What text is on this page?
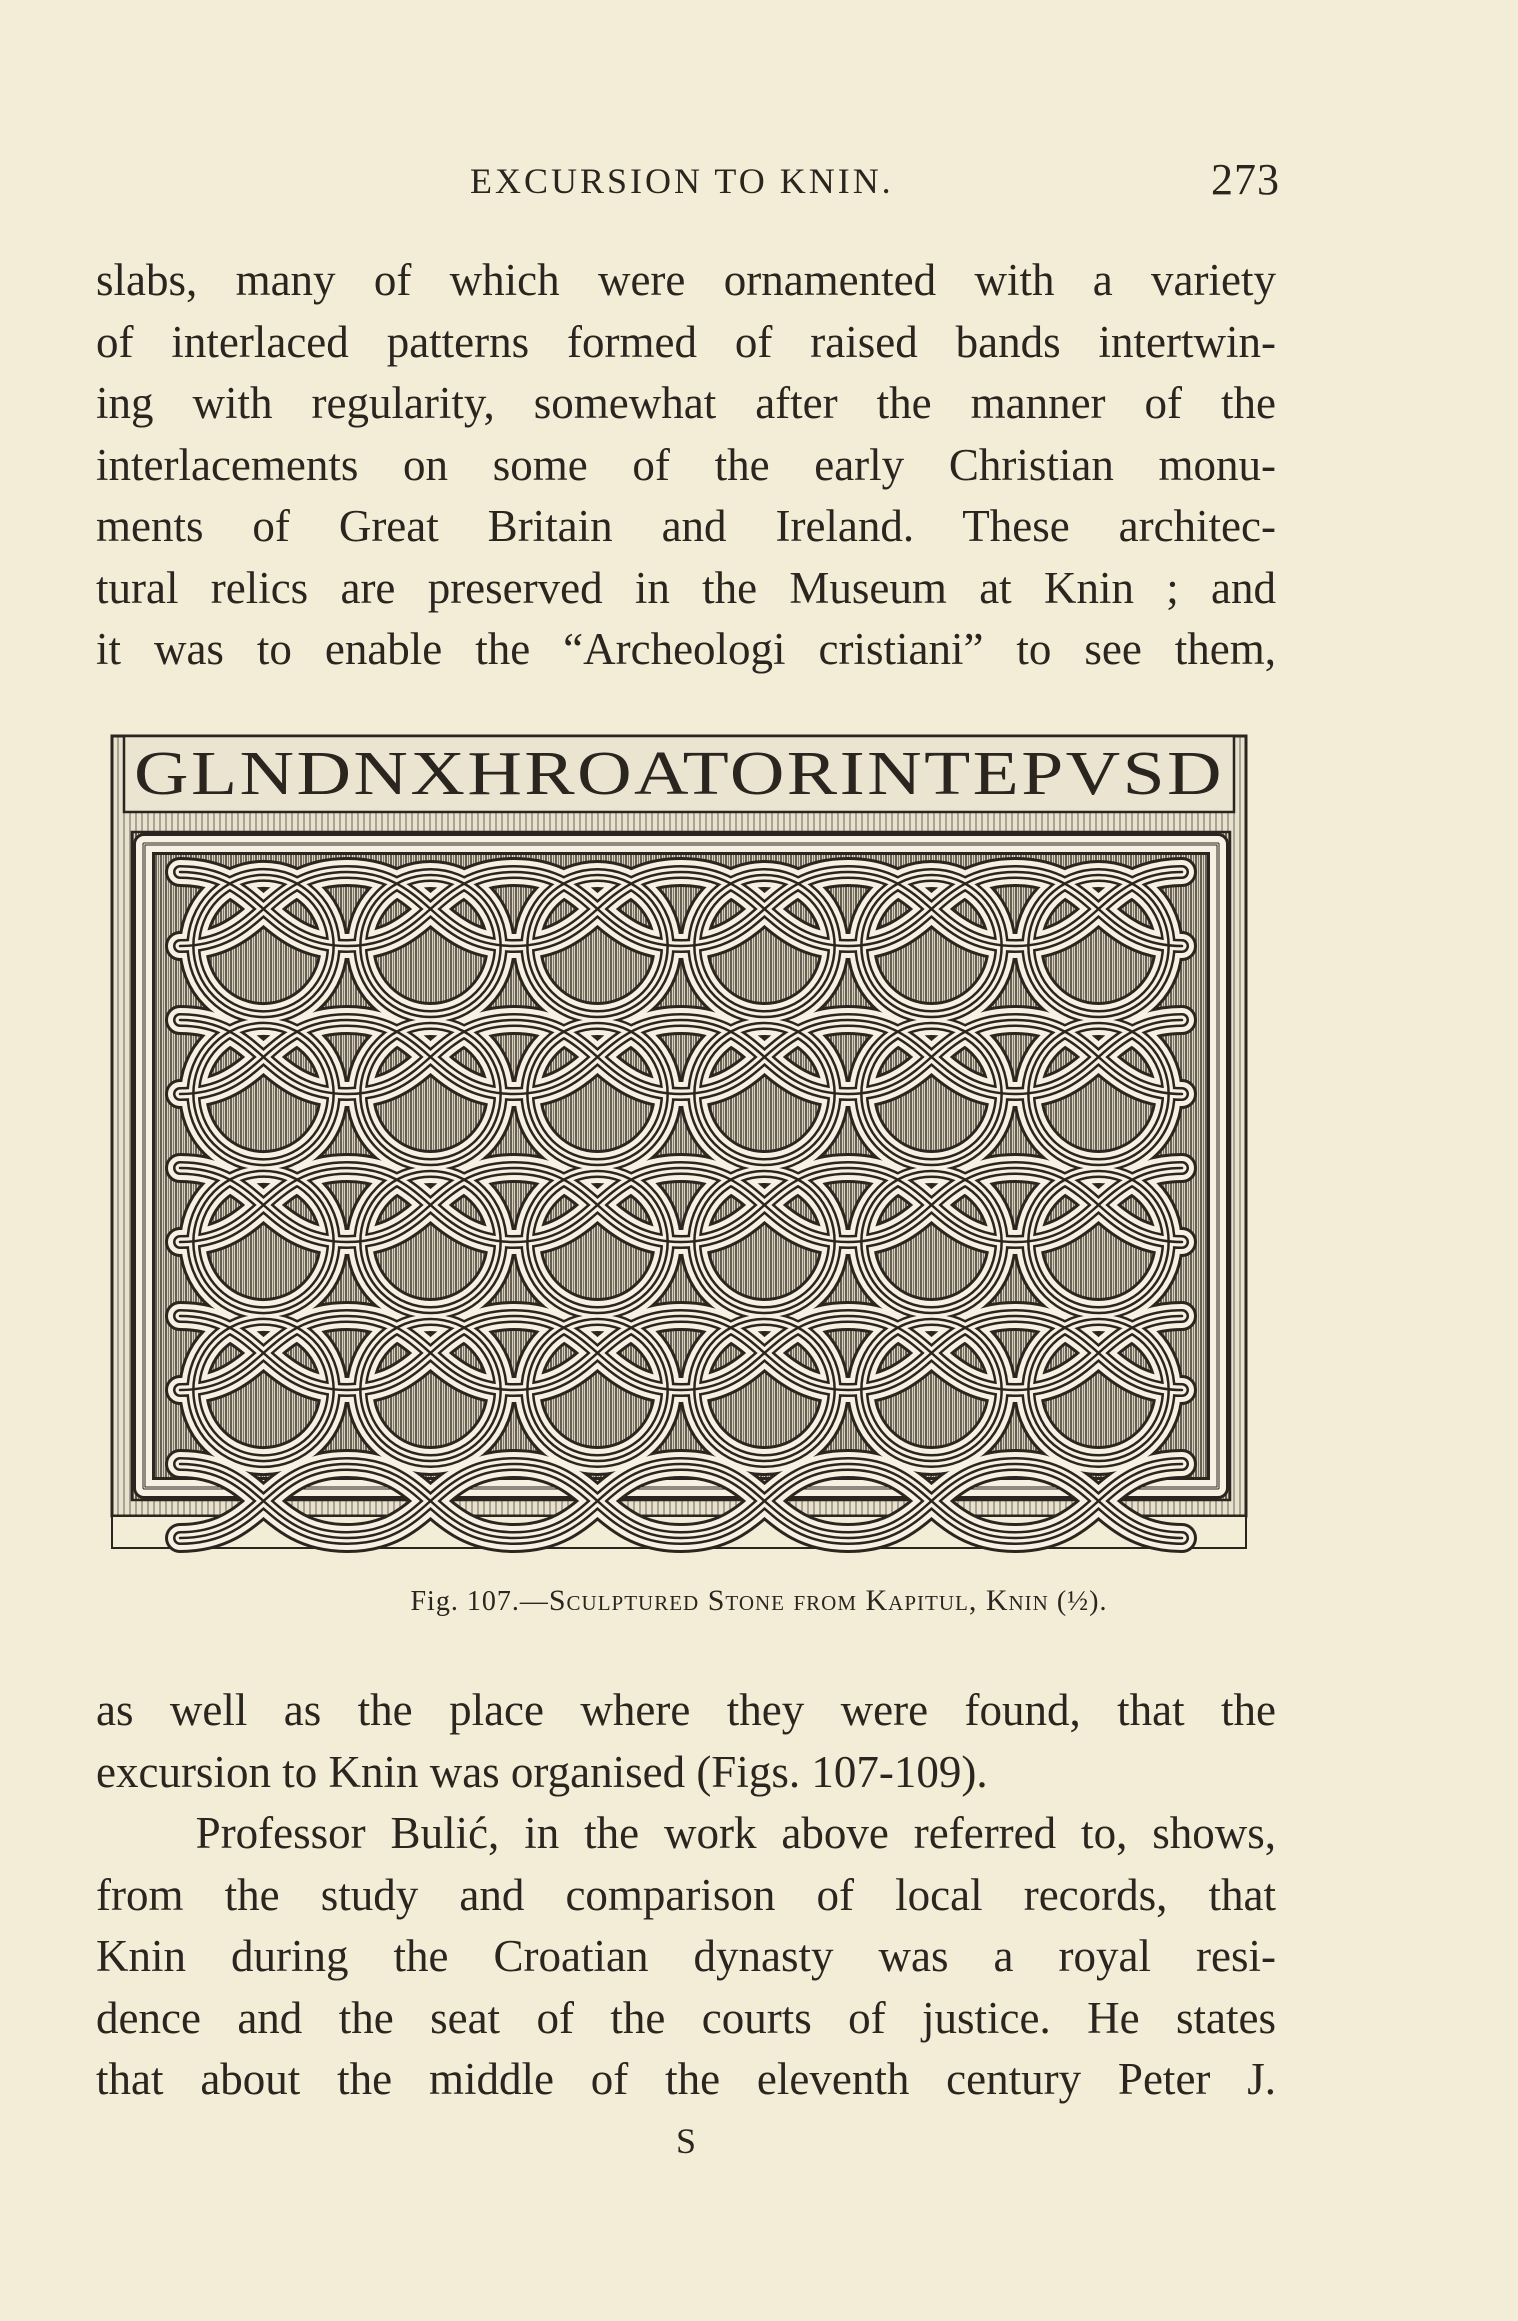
EXCURSION TO KNIN.	273

slabs, many of which were ornamented with a variety
of interlaced patterns formed of raised bands intertwin-
ing with regularity, somewhat after the manner of the
interlacements on some of the early Christian monu-
ments of Great Britain and Ireland. These architec-
tural relics are preserved in the Museum at Knin ; and
it was to enable the “Archeologi cristiani” to see them,

GLNDNXHROATORINTEPVSD
Fig. 107.—Sculptured Stone from Kapitul, Knin (½).

as well as the place where they were found, that the
excursion to Knin was organised (Figs. 107-109).
Professor Bulić, in the work above referred to, shows,
from the study and comparison of local records, that
Knin during the Croatian dynasty was a royal resi-
dence and the seat of the courts of justice. He states
that about the middle of the eleventh century Peter J.

S
